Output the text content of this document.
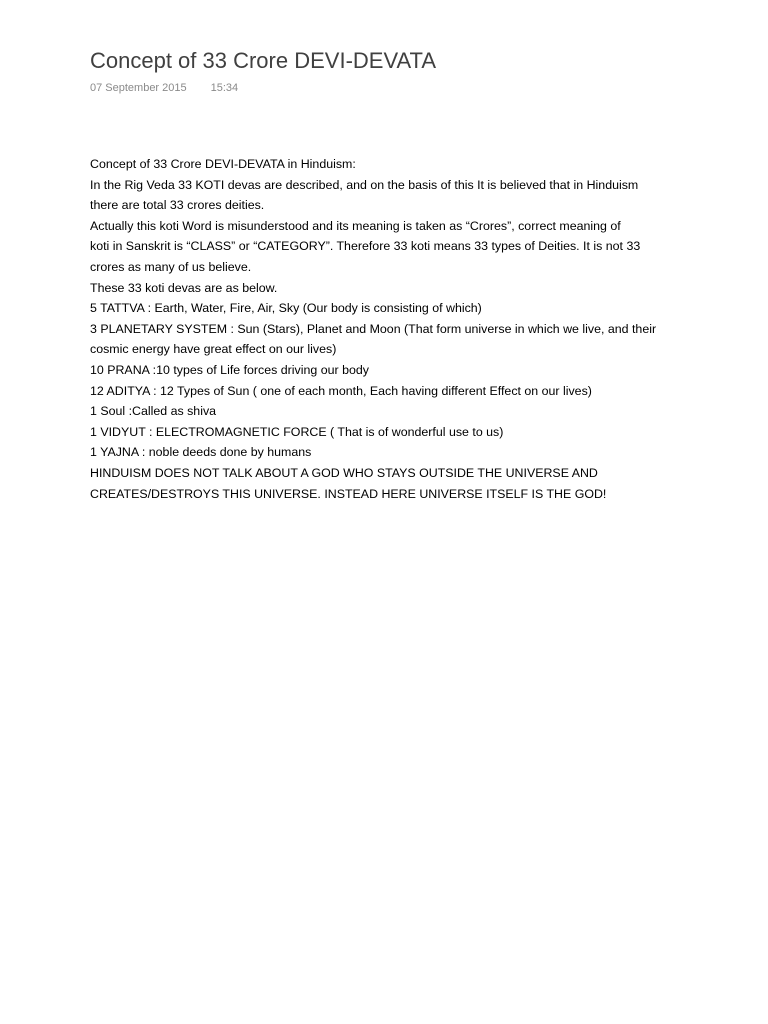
Concept of 33 Crore DEVI-DEVATA
07 September 2015 15:34

Concept of 33 Crore DEVI-DEVATA in Hinduism:

In the Rig Veda 33 KOTI devas are described, and on the basis of this It is believed that in Hinduism
there are total 33 crores deities.

Actually this koti Word is misunderstood and its meaning is taken as “Crores”, correct meaning of
koti in Sanskrit is “CLASS” or “CATEGORY”. Therefore 33 koti means 33 types of Deities. It is not 33
crores as many of us believe.

These 33 koti devas are as below.

5 TATTVA : Earth, Water, Fire, Air, Sky (Our body is consisting of which)

3 PLANETARY SYSTEM : Sun (Stars), Planet and Moon (That form universe in which we live, and their
cosmic energy have great effect on our lives)

10 PRANA :10 types of Life forces driving our body

12 ADITYA : 12 Types of Sun ( one of each month, Each having different Effect on our lives)

1 Soul :Called as shiva

1 VIDYUT : ELECTROMAGNETIC FORCE ( That is of wonderful use to us)

1 YAJNA : noble deeds done by humans

HINDUISM DOES NOT TALK ABOUT A GOD WHO STAYS OUTSIDE THE UNIVERSE AND
CREATES/DESTROYS THIS UNIVERSE. INSTEAD HERE UNIVERSE ITSELF IS THE GOD!
